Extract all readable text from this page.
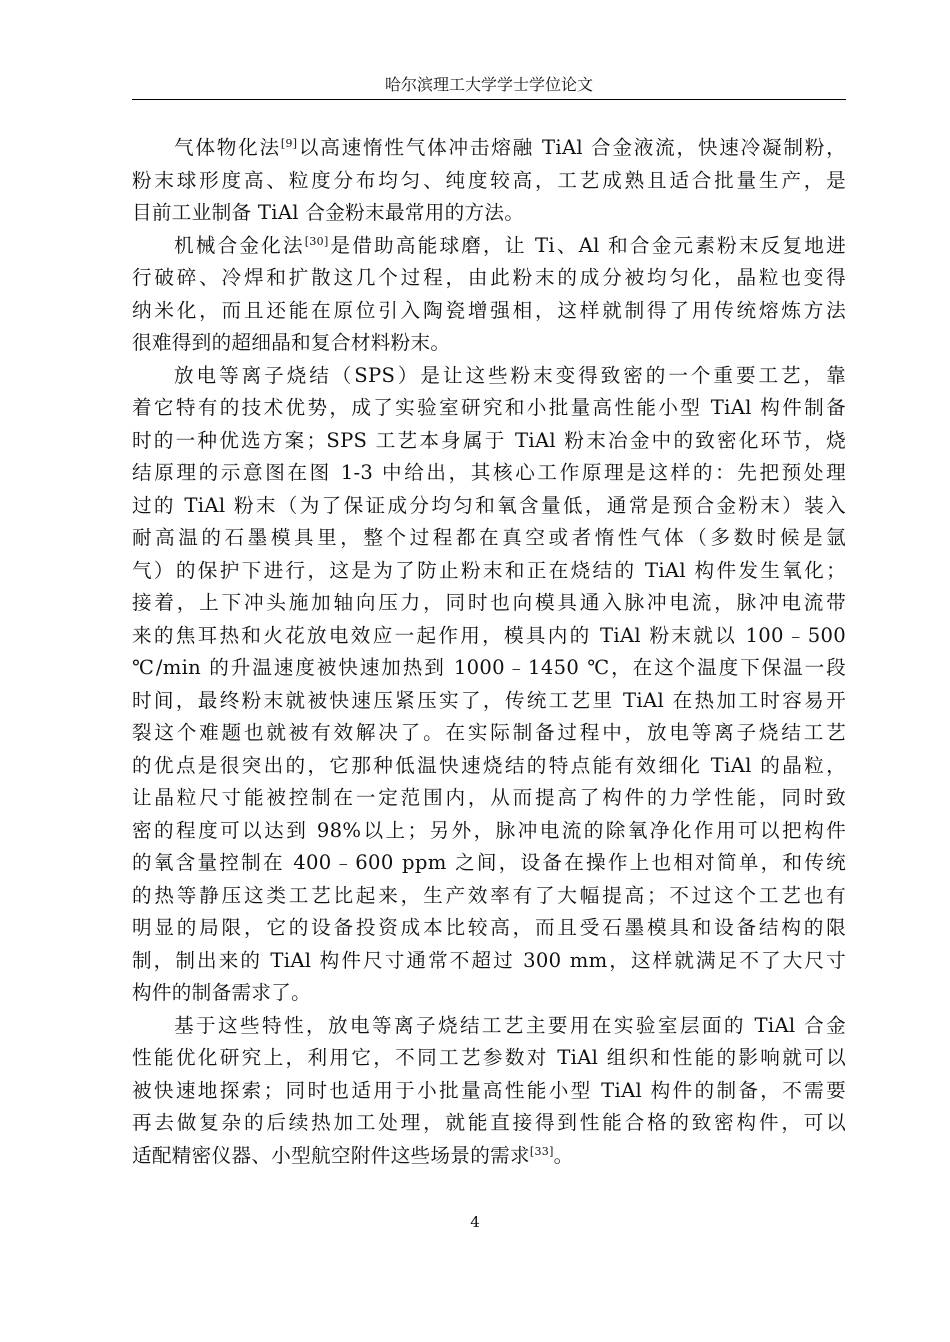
哈尔滨理工大学学士学位论文
气体物化法[9]以高速惰性气体冲击熔融 TiAl 合金液流，快速冷凝制粉，
粉末球形度高、粒度分布均匀、纯度较高，工艺成熟且适合批量生产，是
目前工业制备 TiAl 合金粉末最常用的方法。
机械合金化法[30]是借助高能球磨，让 Ti、Al 和合金元素粉末反复地进
行破碎、冷焊和扩散这几个过程，由此粉末的成分被均匀化，晶粒也变得
纳米化，而且还能在原位引入陶瓷增强相，这样就制得了用传统熔炼方法
很难得到的超细晶和复合材料粉末。
放电等离子烧结（SPS）是让这些粉末变得致密的一个重要工艺，靠
着它特有的技术优势，成了实验室研究和小批量高性能小型 TiAl 构件制备
时的一种优选方案；SPS 工艺本身属于 TiAl 粉末冶金中的致密化环节，烧
结原理的示意图在图 1-3 中给出，其核心工作原理是这样的：先把预处理
过的 TiAl 粉末（为了保证成分均匀和氧含量低，通常是预合金粉末）装入
耐高温的石墨模具里，整个过程都在真空或者惰性气体（多数时候是氩
气）的保护下进行，这是为了防止粉末和正在烧结的 TiAl 构件发生氧化；
接着，上下冲头施加轴向压力，同时也向模具通入脉冲电流，脉冲电流带
来的焦耳热和火花放电效应一起作用，模具内的 TiAl 粉末就以 100﹣500
℃/min 的升温速度被快速加热到 1000﹣1450 ℃，在这个温度下保温一段
时间，最终粉末就被快速压紧压实了，传统工艺里 TiAl 在热加工时容易开
裂这个难题也就被有效解决了。在实际制备过程中，放电等离子烧结工艺
的优点是很突出的，它那种低温快速烧结的特点能有效细化 TiAl 的晶粒，
让晶粒尺寸能被控制在一定范围内，从而提高了构件的力学性能，同时致
密的程度可以达到 98%以上；另外，脉冲电流的除氧净化作用可以把构件
的氧含量控制在 400﹣600 ppm 之间，设备在操作上也相对简单，和传统
的热等静压这类工艺比起来，生产效率有了大幅提高；不过这个工艺也有
明显的局限，它的设备投资成本比较高，而且受石墨模具和设备结构的限
制，制出来的 TiAl 构件尺寸通常不超过 300 mm，这样就满足不了大尺寸
构件的制备需求了。
基于这些特性，放电等离子烧结工艺主要用在实验室层面的 TiAl 合金
性能优化研究上，利用它，不同工艺参数对 TiAl 组织和性能的影响就可以
被快速地探索；同时也适用于小批量高性能小型 TiAl 构件的制备，不需要
再去做复杂的后续热加工处理，就能直接得到性能合格的致密构件，可以
适配精密仪器、小型航空附件这些场景的需求[33]。
4
